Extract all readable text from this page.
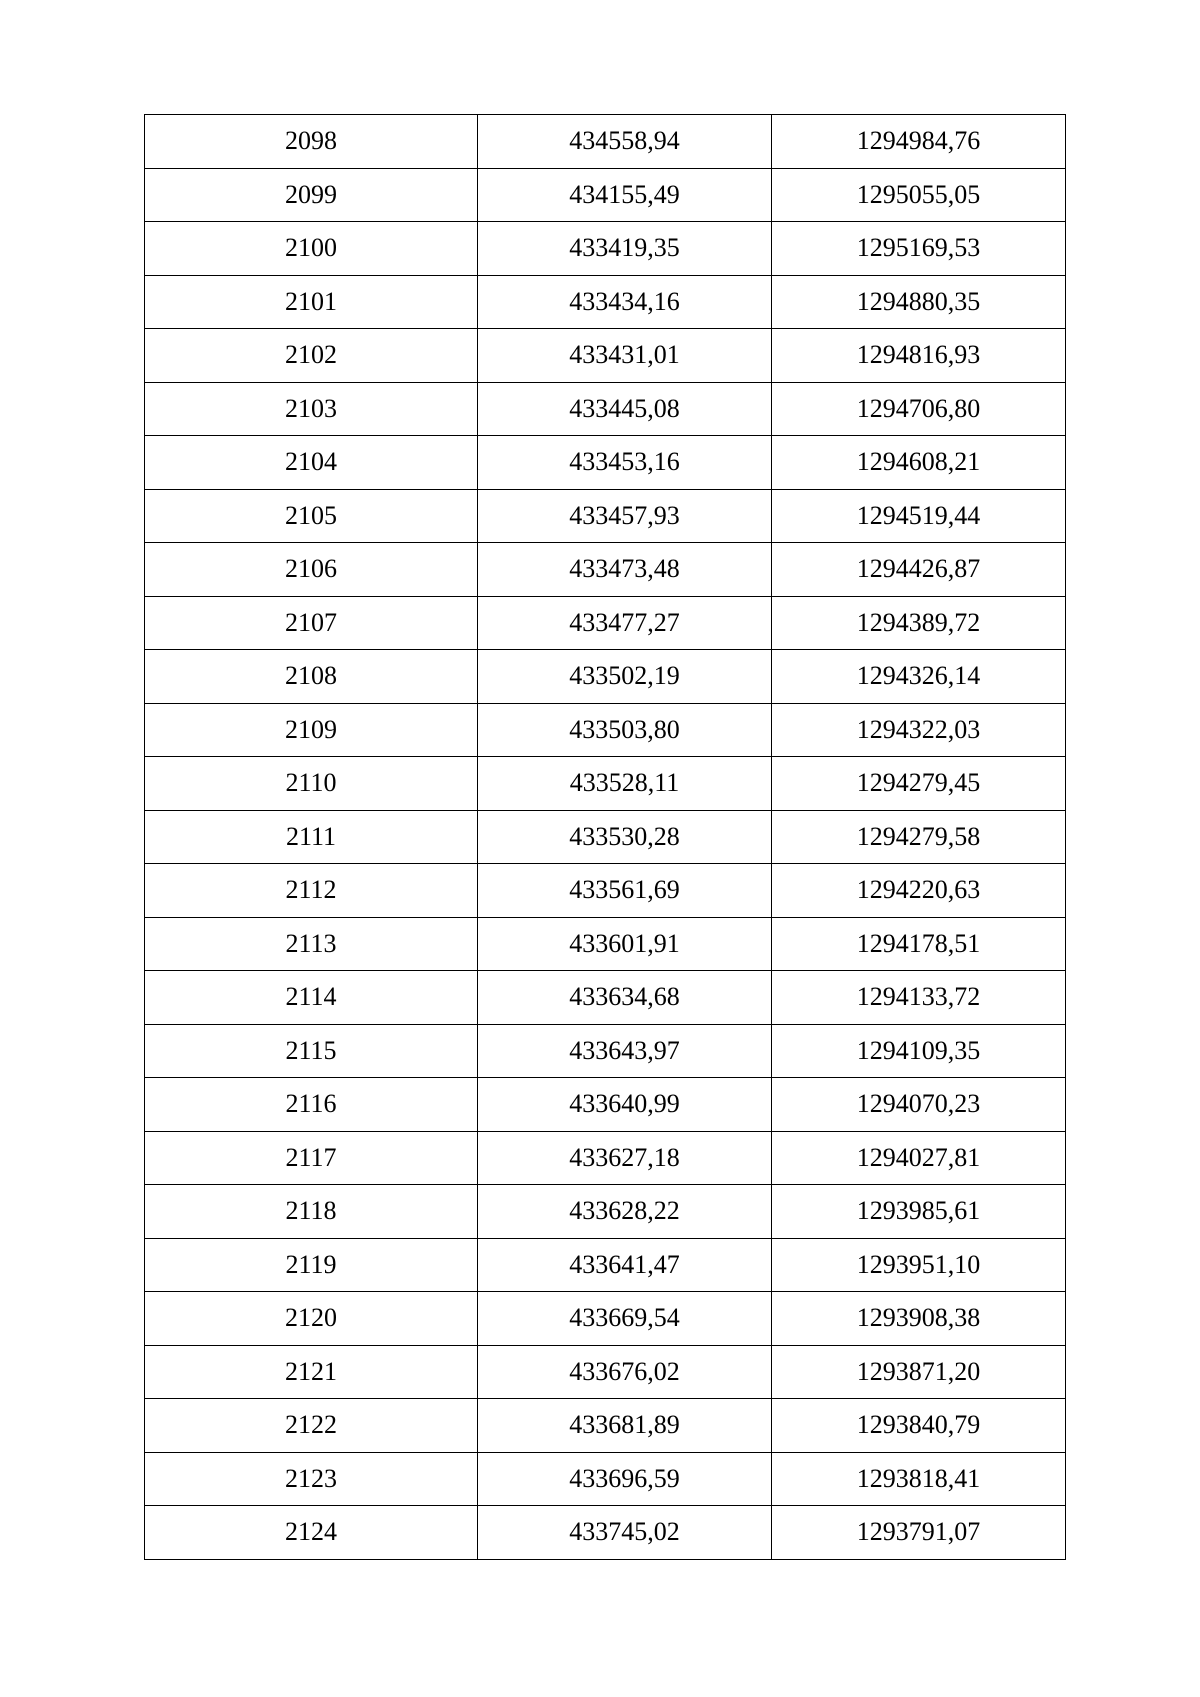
2098	434558,94	1294984,76
2099	434155,49	1295055,05
2100	433419,35	1295169,53
2101	433434,16	1294880,35
2102	433431,01	1294816,93
2103	433445,08	1294706,80
2104	433453,16	1294608,21
2105	433457,93	1294519,44
2106	433473,48	1294426,87
2107	433477,27	1294389,72
2108	433502,19	1294326,14
2109	433503,80	1294322,03
2110	433528,11	1294279,45
2111	433530,28	1294279,58
2112	433561,69	1294220,63
2113	433601,91	1294178,51
2114	433634,68	1294133,72
2115	433643,97	1294109,35
2116	433640,99	1294070,23
2117	433627,18	1294027,81
2118	433628,22	1293985,61
2119	433641,47	1293951,10
2120	433669,54	1293908,38
2121	433676,02	1293871,20
2122	433681,89	1293840,79
2123	433696,59	1293818,41
2124	433745,02	1293791,07
